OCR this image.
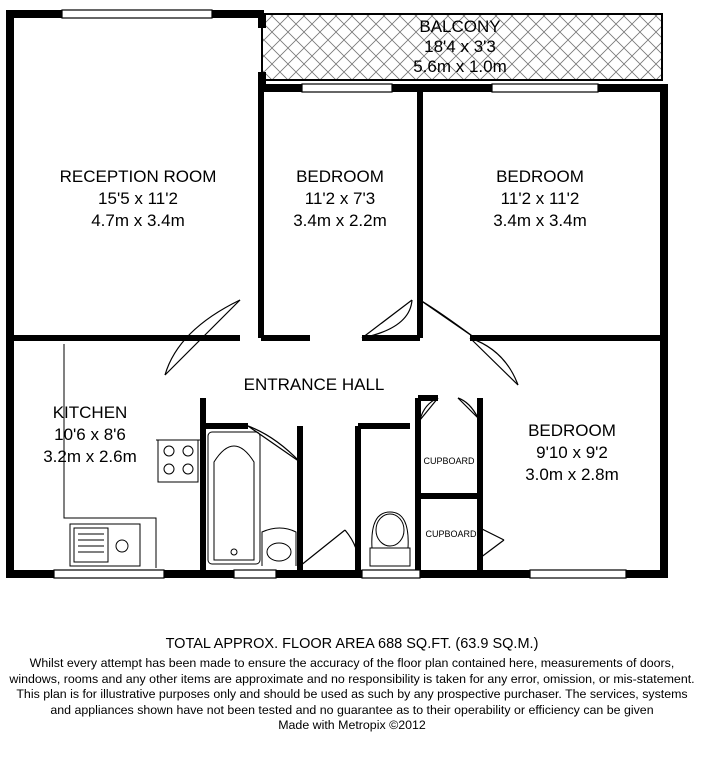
BALCONY
18'4 x 3'3
5.6m x 1.0m
RECEPTION ROOM
15'5 x 11'2
4.7m x 3.4m
BEDROOM
11'2 x 7'3
3.4m x 2.2m
BEDROOM
11'2 x 11'2
3.4m x 3.4m
ENTRANCE HALL
KITCHEN
10'6 x 8'6
3.2m x 2.6m
BEDROOM
9'10 x 9'2
3.0m x 2.8m
CUPBOARD
CUPBOARD
TOTAL APPROX. FLOOR AREA 688 SQ.FT. (63.9 SQ.M.)
Whilst every attempt has been made to ensure the accuracy of the floor plan contained here, measurements of doors, windows, rooms and any other items are approximate and no responsibility is taken for any error, omission, or mis-statement. This plan is for illustrative purposes only and should be used as such by any prospective purchaser. The services, systems and appliances shown have not been tested and no guarantee as to their operability or efficiency can be given
Made with Metropix ©2012
